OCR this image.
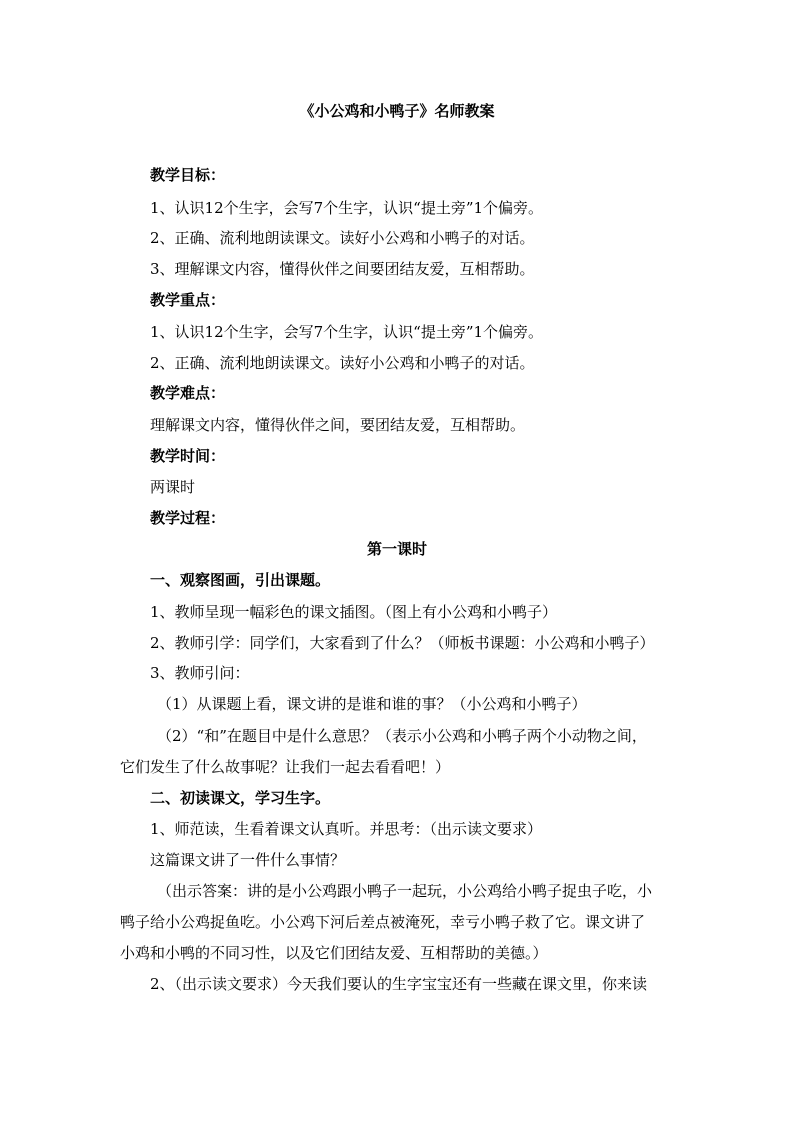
《小公鸡和小鸭子》名师教案
教学目标：
1、认识12个生字，会写7个生字，认识“提土旁”1个偏旁。
2、正确、流利地朗读课文。读好小公鸡和小鸭子的对话。
3、理解课文内容，懂得伙伴之间要团结友爱，互相帮助。
教学重点：
1、认识12个生字，会写7个生字，认识“提土旁”1个偏旁。
2、正确、流利地朗读课文。读好小公鸡和小鸭子的对话。
教学难点：
理解课文内容，懂得伙伴之间，要团结友爱，互相帮助。
教学时间：
两课时
教学过程：
第一课时
一、观察图画，引出课题。
1、教师呈现一幅彩色的课文插图。（图上有小公鸡和小鸭子）
2、教师引学：同学们，大家看到了什么？（师板书课题：小公鸡和小鸭子）
3、教师引问：
（1）从课题上看，课文讲的是谁和谁的事？（小公鸡和小鸭子）
（2）“和”在题目中是什么意思？（表示小公鸡和小鸭子两个小动物之间，
它们发生了什么故事呢？让我们一起去看看吧！）
二、初读课文，学习生字。
1、师范读，生看着课文认真听。并思考：（出示读文要求）
这篇课文讲了一件什么事情？
（出示答案：讲的是小公鸡跟小鸭子一起玩，小公鸡给小鸭子捉虫子吃，小
鸭子给小公鸡捉鱼吃。小公鸡下河后差点被淹死，幸亏小鸭子救了它。课文讲了
小鸡和小鸭的不同习性，以及它们团结友爱、互相帮助的美德。）
2、（出示读文要求）今天我们要认的生字宝宝还有一些藏在课文里，你来读
